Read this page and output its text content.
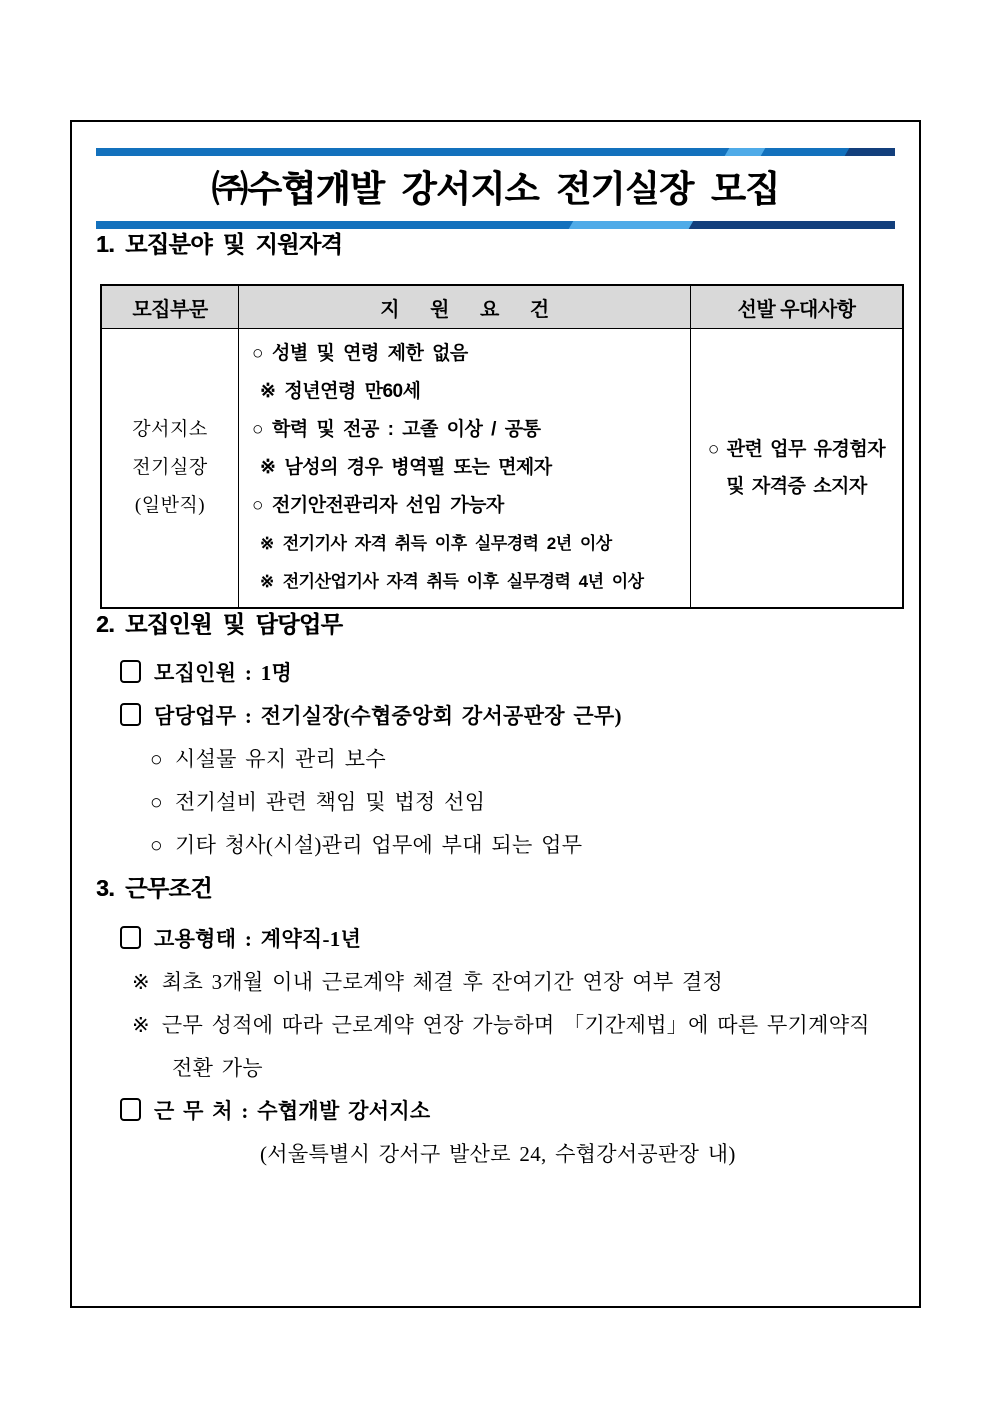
㈜수협개발 강서지소 전기실장 모집
1. 모집분야 및 지원자격
모집부문	지 원 요 건	선발 우대사항

강서지소
전기실장
(일반직)

○ 성별 및 연령 제한 없음
※ 정년연령 만60세
○ 학력 및 전공 : 고졸 이상 / 공통
※ 남성의 경우 병역필 또는 면제자
○ 전기안전관리자 선임 가능자
※ 전기기사 자격 취득 이후 실무경력 2년 이상
※ 전기산업기사 자격 취득 이후 실무경력 4년 이상

○ 관련 업무 유경험자
및 자격증 소지자
2. 모집인원 및 담당업무
모집인원 : 1명
담당업무 : 전기실장(수협중앙회 강서공판장 근무)
○ 시설물 유지 관리 보수
○ 전기설비 관련 책임 및 법정 선임
○ 기타 청사(시설)관리 업무에 부대 되는 업무
3. 근무조건
고용형태 : 계약직-1년
※ 최초 3개월 이내 근로계약 체결 후 잔여기간 연장 여부 결정
※ 근무 성적에 따라 근로계약 연장 가능하며 「기간제법」에 따른 무기계약직
전환 가능
근 무 처 : 수협개발 강서지소
(서울특별시 강서구 발산로 24, 수협강서공판장 내)
